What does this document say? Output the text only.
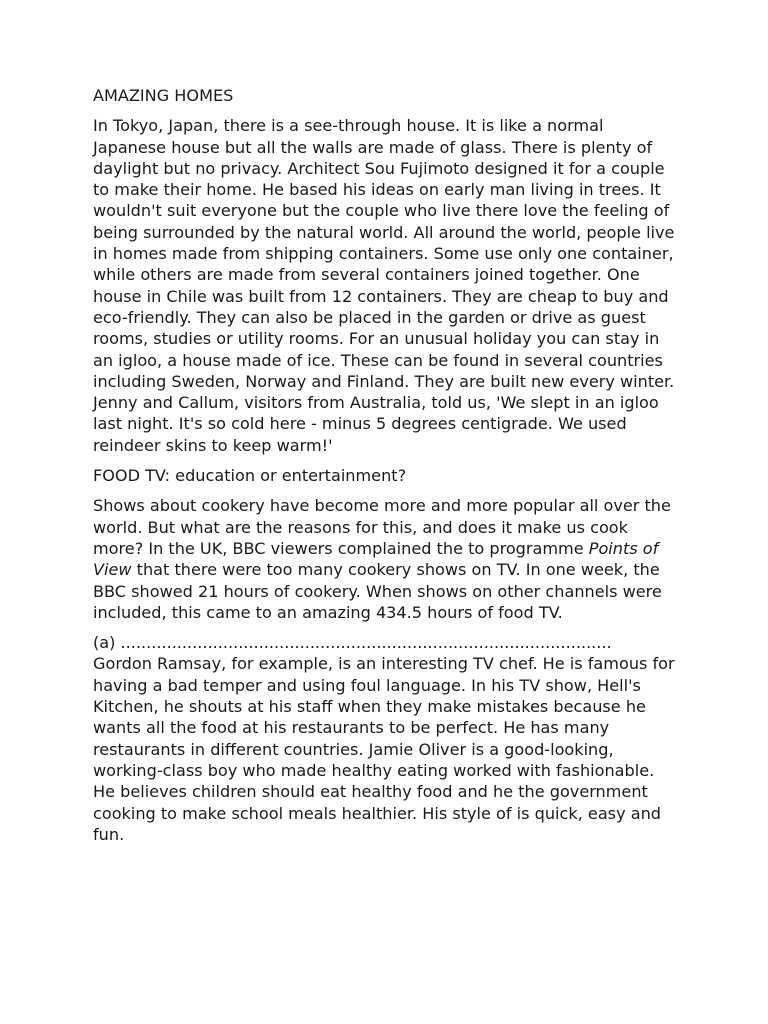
AMAZING HOMES

In Tokyo, Japan, there is a see-through house. It is like a normal Japanese house but all the walls are made of glass. There is plenty of daylight but no privacy. Architect Sou Fujimoto designed it for a couple to make their home. He based his ideas on early man living in trees. It wouldn't suit everyone but the couple who live there love the feeling of being surrounded by the natural world. All around the world, people live in homes made from shipping containers. Some use only one container, while others are made from several containers joined together. One house in Chile was built from 12 containers. They are cheap to buy and eco-friendly. They can also be placed in the garden or drive as guest rooms, studies or utility rooms. For an unusual holiday you can stay in an igloo, a house made of ice. These can be found in several countries including Sweden, Norway and Finland. They are built new every winter. Jenny and Callum, visitors from Australia, told us, 'We slept in an igloo last night. It's so cold here - minus 5 degrees centigrade. We used reindeer skins to keep warm!'

FOOD TV: education or entertainment?

Shows about cookery have become more and more popular all over the world. But what are the reasons for this, and does it make us cook more? In the UK, BBC viewers complained the to programme Points of View that there were too many cookery shows on TV. In one week, the BBC showed 21 hours of cookery. When shows on other channels were included, this came to an amazing 434.5 hours of food TV.

(a) ................................................................................................
Gordon Ramsay, for example, is an interesting TV chef. He is famous for having a bad temper and using foul language. In his TV show, Hell's Kitchen, he shouts at his staff when they make mistakes because he wants all the food at his restaurants to be perfect. He has many restaurants in different countries. Jamie Oliver is a good-looking, working-class boy who made healthy eating worked with fashionable. He believes children should eat healthy food and he the government cooking to make school meals healthier. His style of is quick, easy and fun.
